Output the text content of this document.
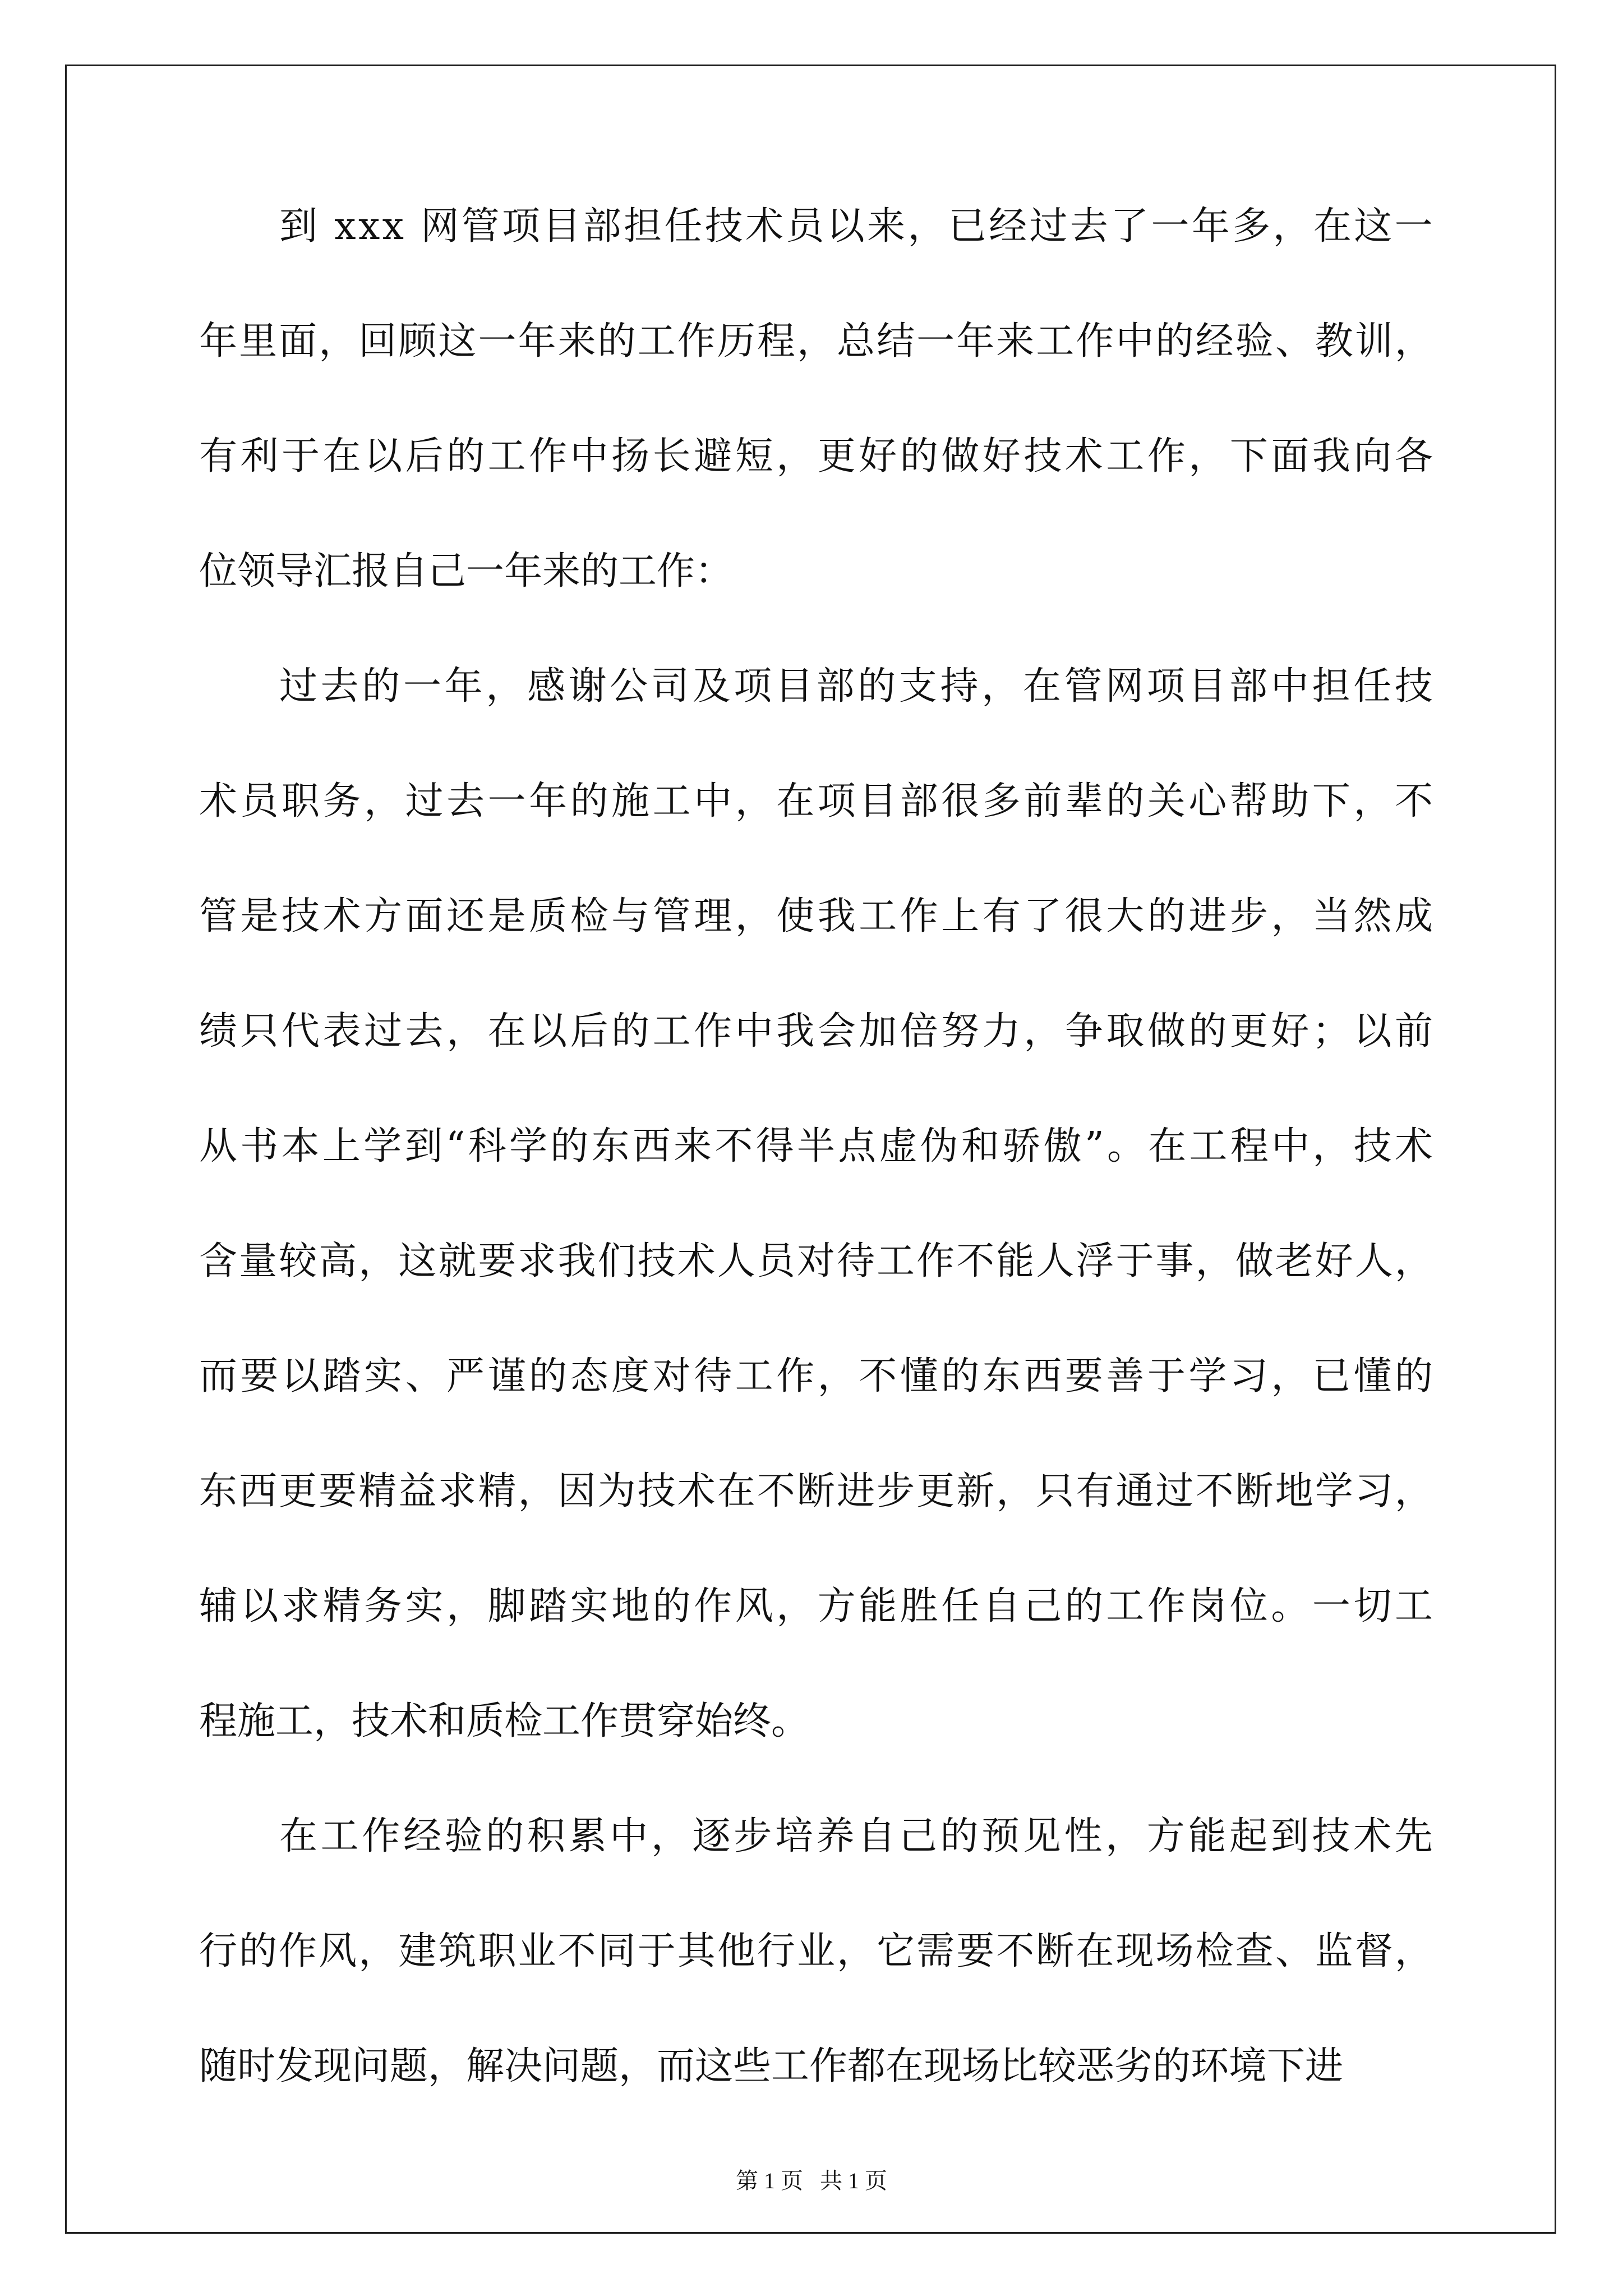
到
x x x
网 管 项 目 部 担 任 技 术 员 以 来 ， 已 经 过 去 了 一 年 多 ， 在 这 一
年 里 面 ， 回 顾 这 一 年 来 的 工 作 历 程 ， 总 结 一 年 来 工 作 中 的 经 验 、 教 训 ，
有 利 于 在 以 后 的 工 作 中 扬 长 避 短 ， 更 好 的 做 好 技 术 工 作 ， 下 面 我 向 各
位领导汇报自己一年来的工作：
过 去 的 一 年 ， 感 谢 公 司 及 项 目 部 的 支 持 ， 在 管 网 项 目 部 中 担 任 技
术 员 职 务 ， 过 去 一 年 的 施 工 中 ， 在 项 目 部 很 多 前 辈 的 关 心 帮 助 下 ， 不
管 是 技 术 方 面 还 是 质 检 与 管 理 ， 使 我 工 作 上 有 了 很 大 的 进 步 ， 当 然 成
绩 只 代 表 过 去 ， 在 以 后 的 工 作 中 我 会 加 倍 努 力 ， 争 取 做 的 更 好 ； 以 前
从 书 本 上 学 到 “ 科 学 的 东 西 来 不 得 半 点 虚 伪 和 骄 傲 ” 。 在 工 程 中 ， 技 术
含 量 较 高 ， 这 就 要 求 我 们 技 术 人 员 对 待 工 作 不 能 人 浮 于 事 ， 做 老 好 人 ，
而 要 以 踏 实 、 严 谨 的 态 度 对 待 工 作 ， 不 懂 的 东 西 要 善 于 学 习 ， 已 懂 的
东 西 更 要 精 益 求 精 ， 因 为 技 术 在 不 断 进 步 更 新 ， 只 有 通 过 不 断 地 学 习 ，
辅 以 求 精 务 实 ， 脚 踏 实 地 的 作 风 ， 方 能 胜 任 自 己 的 工 作 岗 位 。 一 切 工
程施工，技术和质检工作贯穿始终。
在 工 作 经 验 的 积 累 中 ， 逐 步 培 养 自 己 的 预 见 性 ， 方 能 起 到 技 术 先
行 的 作 风 ， 建 筑 职 业 不 同 于 其 他 行 业 ， 它 需 要 不 断 在 现 场 检 查 、 监 督 ，
随时发现问题，解决问题，而这些工作都在现场比较恶劣的环境下进
第 1 页   共 1 页
